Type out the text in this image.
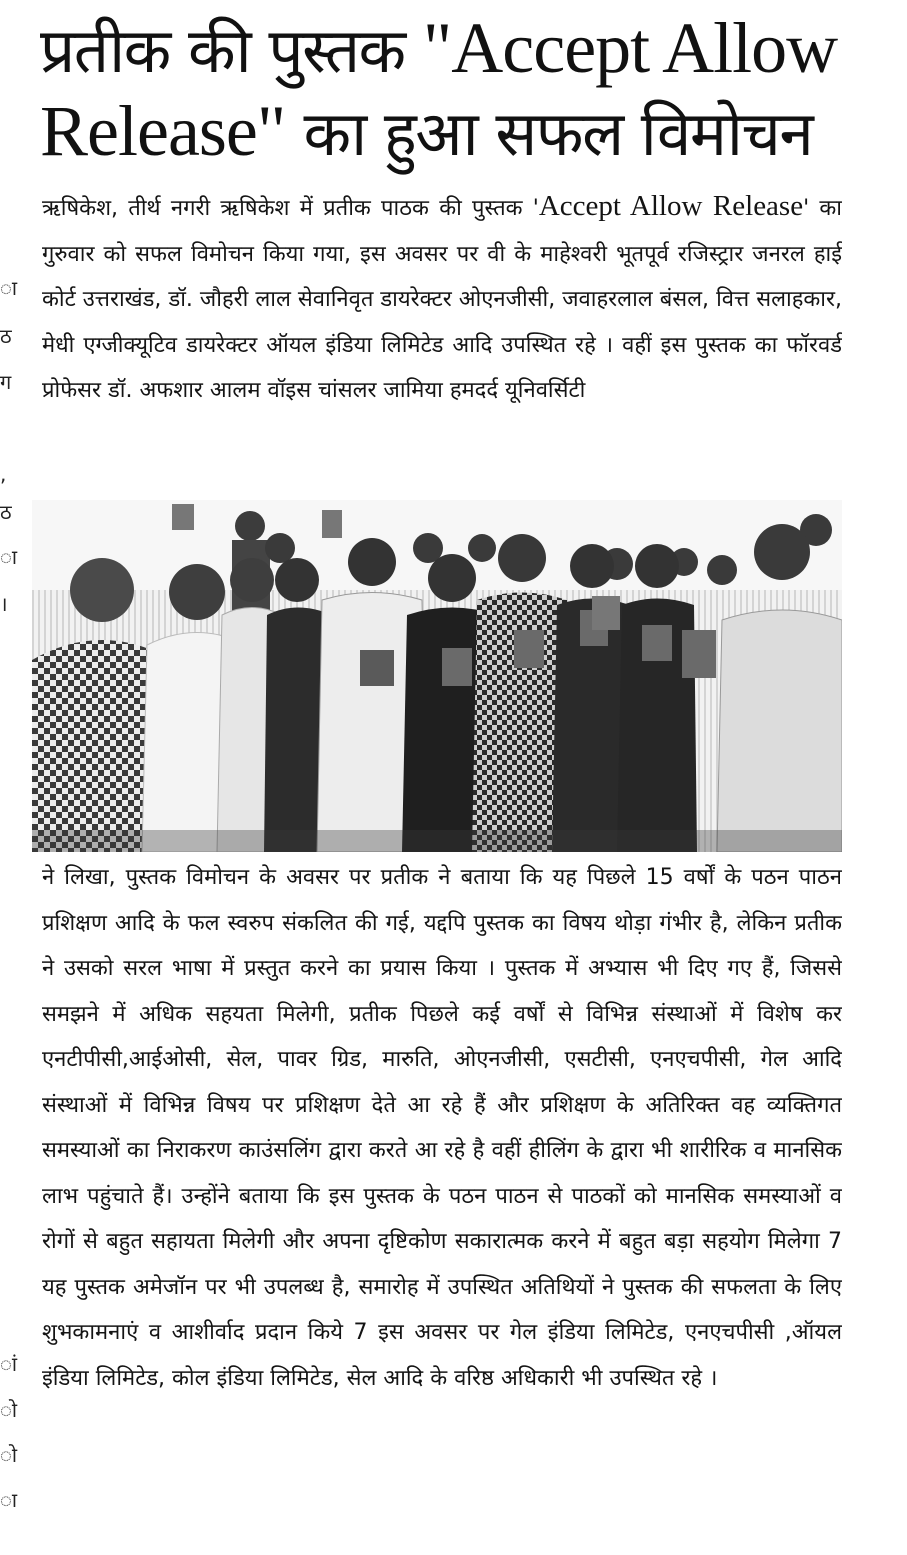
ा
ठ
ग
,
ठ
ा
।
ां
ो
ो
ा
प्रतीक की पुस्तक "Accept Allow Release" का हुआ सफल विमोचन

ऋषिकेश, तीर्थ नगरी ऋषिकेश में प्रतीक पाठक की पुस्तक 'Accept Allow Release' का गुरुवार को सफल विमोचन किया गया, इस अवसर पर वी के माहेश्वरी भूतपूर्व रजिस्ट्रार जनरल हाई कोर्ट उत्तराखंड, डॉ. जौहरी लाल सेवानिवृत डायरेक्टर ओएनजीसी, जवाहरलाल बंसल, वित्त सलाहकार, मेधी एग्जीक्यूटिव डायरेक्टर ऑयल इंडिया लिमिटेड आदि उपस्थित रहे । वहीं इस पुस्तक का फॉरवर्ड प्रोफेसर डॉ. अफशार आलम वॉइस चांसलर जामिया हमदर्द यूनिवर्सिटी

ने लिखा, पुस्तक विमोचन के अवसर पर प्रतीक ने बताया कि यह पिछले 15 वर्षों के पठन पाठन प्रशिक्षण आदि के फल स्वरुप संकलित की गई, यद्दपि पुस्तक का विषय थोड़ा गंभीर है, लेकिन प्रतीक ने उसको सरल भाषा में प्रस्तुत करने का प्रयास किया । पुस्तक में अभ्यास भी दिए गए हैं, जिससे समझने में अधिक सहयता मिलेगी, प्रतीक पिछले कई वर्षों से विभिन्न संस्थाओं में विशेष कर एनटीपीसी,आईओसी, सेल, पावर ग्रिड, मारुति, ओएनजीसी, एसटीसी, एनएचपीसी, गेल आदि संस्थाओं में विभिन्न विषय पर प्रशिक्षण देते आ रहे हैं और प्रशिक्षण के अतिरिक्त वह व्यक्तिगत समस्याओं का निराकरण काउंसलिंग द्वारा करते आ रहे है वहीं हीलिंग के द्वारा भी शारीरिक व मानसिक लाभ पहुंचाते हैं। उन्होंने बताया कि इस पुस्तक के पठन पाठन से पाठकों को मानसिक समस्याओं व रोगों से बहुत सहायता मिलेगी और अपना दृष्टिकोण सकारात्मक करने में बहुत बड़ा सहयोग मिलेगा 7 यह पुस्तक अमेजॉन पर भी उपलब्ध है, समारोह में उपस्थित अतिथियों ने पुस्तक की सफलता के लिए शुभकामनाएं व आशीर्वाद प्रदान किये 7 इस अवसर पर गेल इंडिया लिमिटेड, एनएचपीसी ,ऑयल इंडिया लिमिटेड, कोल इंडिया लिमिटेड, सेल आदि के वरिष्ठ अधिकारी भी उपस्थित रहे ।
